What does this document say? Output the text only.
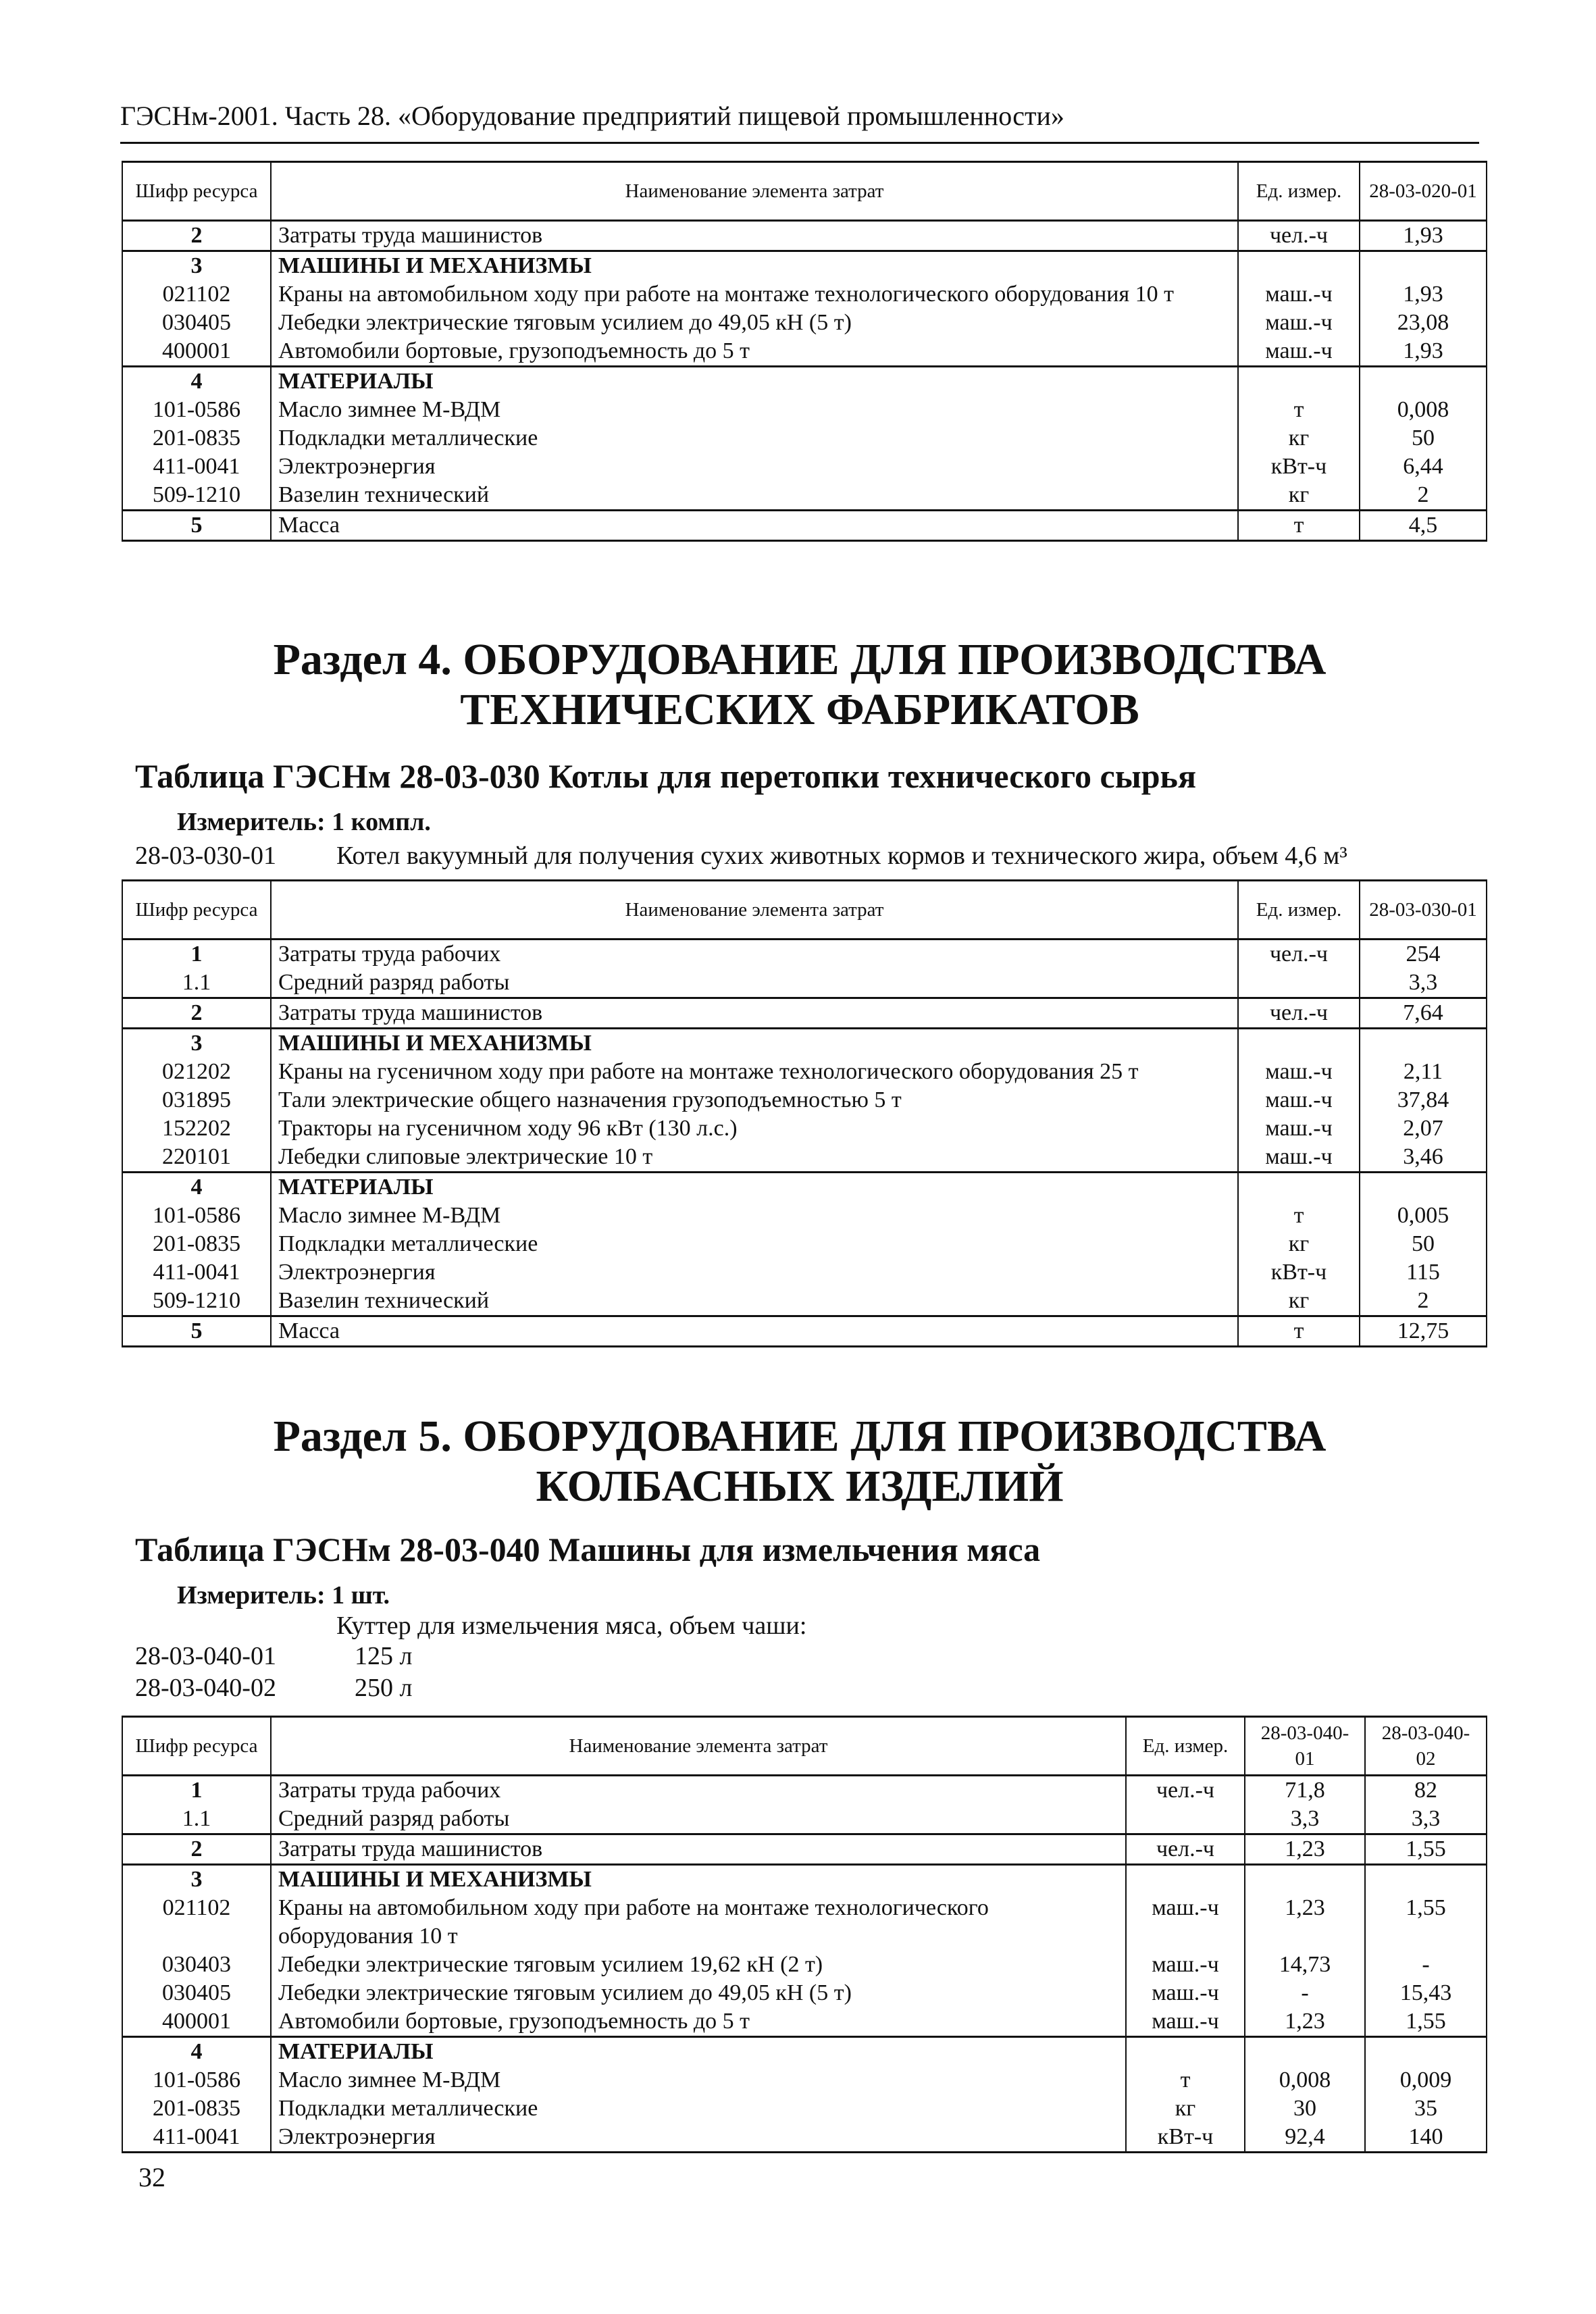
ГЭСНм-2001. Часть 28. «Оборудование предприятий пищевой промышленности»
Шифр ресурса	Наименование элемента затрат	Ед. измер.	28-03-020-01
2	Затраты труда машинистов	чел.-ч	1,93
3	МАШИНЫ И МЕХАНИЗМЫ		
021102	Краны на автомобильном ходу при работе на монтаже технологического оборудования 10 т	маш.-ч	1,93
030405	Лебедки электрические тяговым усилием до 49,05 кН (5 т)	маш.-ч	23,08
400001	Автомобили бортовые, грузоподъемность до 5 т	маш.-ч	1,93
4	МАТЕРИАЛЫ		
101-0586	Масло зимнее М-ВДМ	т	0,008
201-0835	Подкладки металлические	кг	50
411-0041	Электроэнергия	кВт-ч	6,44
509-1210	Вазелин технический	кг	2
5	Масса	т	4,5
Раздел 4. ОБОРУДОВАНИЕ ДЛЯ ПРОИЗВОДСТВА ТЕХНИЧЕСКИХ ФАБРИКАТОВ
Таблица ГЭСНм 28-03-030 Котлы для перетопки технического сырья
Измеритель: 1 компл.
28-03-030-01 Котел вакуумный для получения сухих животных кормов и технического жира, объем 4,6 м³
Шифр ресурса	Наименование элемента затрат	Ед. измер.	28-03-030-01
1	Затраты труда рабочих	чел.-ч	254
1.1	Средний разряд работы		3,3
2	Затраты труда машинистов	чел.-ч	7,64
3	МАШИНЫ И МЕХАНИЗМЫ		
021202	Краны на гусеничном ходу при работе на монтаже технологического оборудования 25 т	маш.-ч	2,11
031895	Тали электрические общего назначения грузоподъемностью 5 т	маш.-ч	37,84
152202	Тракторы на гусеничном ходу 96 кВт (130 л.с.)	маш.-ч	2,07
220101	Лебедки слиповые электрические 10 т	маш.-ч	3,46
4	МАТЕРИАЛЫ		
101-0586	Масло зимнее М-ВДМ	т	0,005
201-0835	Подкладки металлические	кг	50
411-0041	Электроэнергия	кВт-ч	115
509-1210	Вазелин технический	кг	2
5	Масса	т	12,75
Раздел 5. ОБОРУДОВАНИЕ ДЛЯ ПРОИЗВОДСТВА КОЛБАСНЫХ ИЗДЕЛИЙ
Таблица ГЭСНм 28-03-040 Машины для измельчения мяса
Измеритель: 1 шт.
Куттер для измельчения мяса, объем чаши:
28-03-040-01	125 л
28-03-040-02	250 л
Шифр ресурса	Наименование элемента затрат	Ед. измер.	28-03-040-01	28-03-040-02
1	Затраты труда рабочих	чел.-ч	71,8	82
1.1	Средний разряд работы		3,3	3,3
2	Затраты труда машинистов	чел.-ч	1,23	1,55
3	МАШИНЫ И МЕХАНИЗМЫ			
021102	Краны на автомобильном ходу при работе на монтаже технологического оборудования 10 т	маш.-ч	1,23	1,55
030403	Лебедки электрические тяговым усилием 19,62 кН (2 т)	маш.-ч	14,73	-
030405	Лебедки электрические тяговым усилием до 49,05 кН (5 т)	маш.-ч	-	15,43
400001	Автомобили бортовые, грузоподъемность до 5 т	маш.-ч	1,23	1,55
4	МАТЕРИАЛЫ			
101-0586	Масло зимнее М-ВДМ	т	0,008	0,009
201-0835	Подкладки металлические	кг	30	35
411-0041	Электроэнергия	кВт-ч	92,4	140
32
